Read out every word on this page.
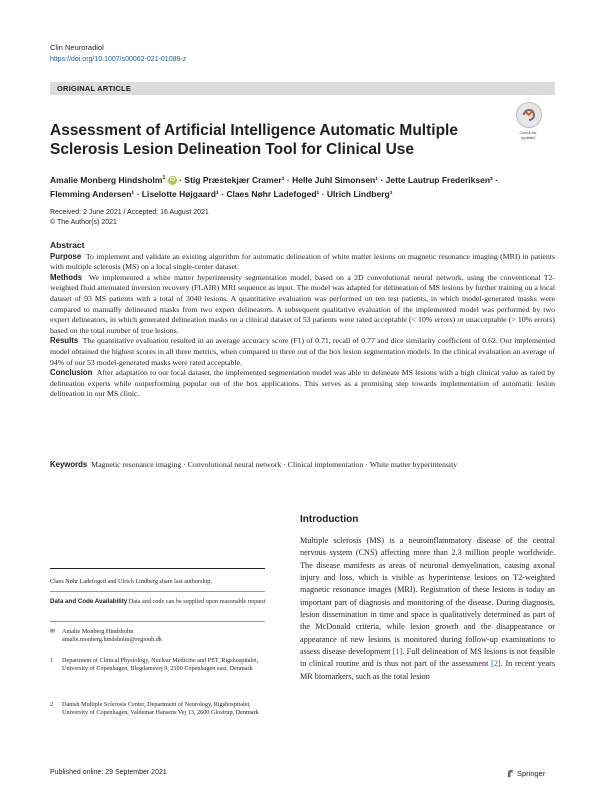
Clin Neuroradiol
https://doi.org/10.1007/s00062-021-01089-z
ORIGINAL ARTICLE
Check for updates
Assessment of Artificial Intelligence Automatic Multiple Sclerosis Lesion Delineation Tool for Clinical Use
Amalie Monberg Hindsholm$^1$ iD · Stig Præstekjær Cramer¹ · Helle Juhl Simonsen¹ · Jette Lautrup Frederiksen² ·
Flemming Andersen¹ · Liselotte Højgaard¹ · Claes Nøhr Ladefoged¹ · Ulrich Lindberg¹
Received: 2 June 2021 / Accepted: 16 August 2021
© The Author(s) 2021
Abstract

Purpose To implement and validate an existing algorithm for automatic delineation of white matter lesions on magnetic resonance imaging (MRI) in patients with multiple sclerosis (MS) on a local single-center dataset.

Methods We implemented a white matter hyperintensity segmentation model, based on a 2D convolutional neural network, using the conventional T2-weighted fluid attenuated inversion recovery (FLAIR) MRI sequence as input. The model was adapted for delineation of MS lesions by further training on a local dataset of 93 MS patients with a total of 3040 lesions. A quantitative evaluation was performed on ten test patients, in which model-generated masks were compared to manually delineated masks from two expert delineators. A subsequent qualitative evaluation of the implemented model was performed by two expert delineators, in which generated delineation masks on a clinical dataset of 53 patients were rated acceptable (< 10% errors) or unacceptable (> 10% errors) based on the total number of true lesions.

Results The quantitative evaluation resulted in an average accuracy score (F1) of 0.71, recall of 0.77 and dice similarity coefficient of 0.62. Our implemented model obtained the highest scores in all three metrics, when compared to three out of the box lesion segmentation models. In the clinical evaluation an average of 94% of our 53 model-generated masks were rated acceptable.

Conclusion After adaptation to our local dataset, the implemented segmentation model was able to delineate MS lesions with a high clinical value as rated by delineation experts while outperforming popular out of the box applications. This serves as a promising step towards implementation of automatic lesion delineation in our MS clinic.

Keywords Magnetic resonance imaging · Convolutional neural network · Clinical implementation · White matter hyperintensity
Introduction
Multiple sclerosis (MS) is a neuroinflammatory disease of the central nervous system (CNS) affecting more than 2.3 million people worldwide. The disease manifests as areas of neuronal demyelination, causing axonal injury and loss, which is visible as hyperintense lesions on T2-weighted magnetic resonance images (MRI). Registration of these lesions is today an important part of diagnosis and monitoring of the disease. During diagnosis, lesion dissemination in time and space is qualitatively determined as part of the McDonald criteria, while lesion growth and the disappearance or appearance of new lesions is monitored during follow-up examinations to assess disease development [1]. Full delineation of MS lesions is not feasible in clinical routine and is thus not part of the assessment [2]. In recent years MR biomarkers, such as the total lesion
Claes Nøhr Ladefoged and Ulrich Lindberg share last authorship.
Data and Code Availability Data and code can be supplied upon reasonable request
✉	Amalie Monberg Hindsholm
amalie.monberg.hindsholm@regionh.dk
1	Department of Clinical Physiology, Nuclear Medicine and PET, Rigshospitalet, University of Copenhagen, Blegdamsvej 9, 2100 Copenhagen east, Denmark
2	Danish Multiple Sclerosis Center, Department of Neurology, Rigshospitalet, University of Copenhagen, Valdemar Hansens Vej 13, 2600 Glostrup, Denmark
Published online: 29 September 2021	Springer
